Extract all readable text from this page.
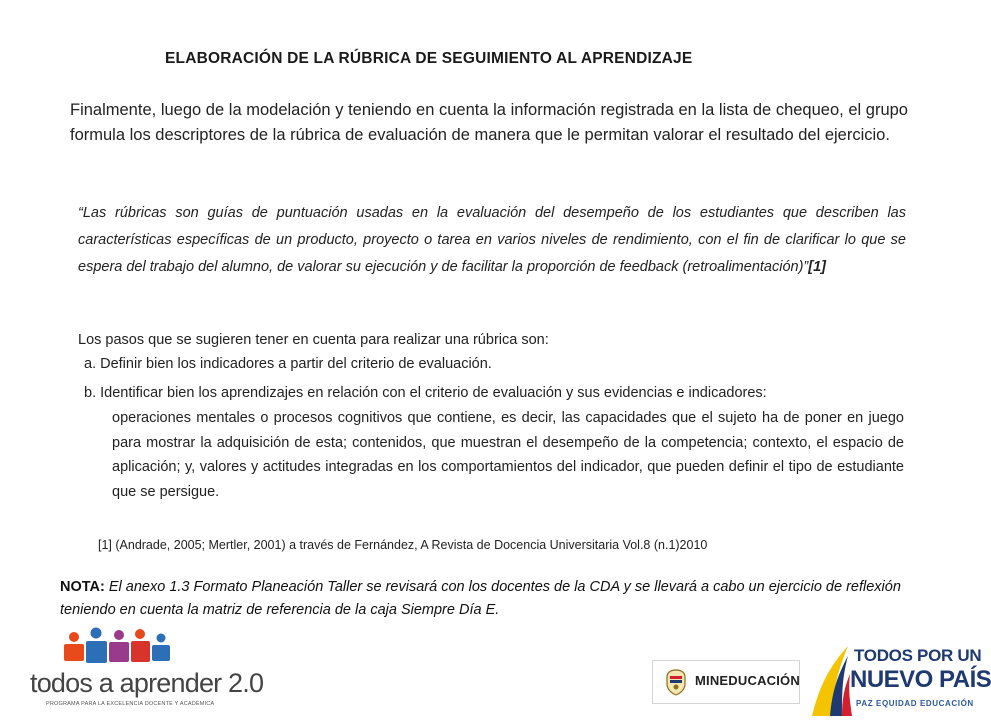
ELABORACIÓN DE LA RÚBRICA DE SEGUIMIENTO AL APRENDIZAJE
Finalmente, luego de la modelación y teniendo en cuenta la información registrada en la lista de chequeo, el grupo formula los descriptores de la rúbrica de evaluación de manera que le permitan valorar el resultado del ejercicio.
“Las rúbricas son guías de puntuación usadas en la evaluación del desempeño de los estudiantes que describen las características específicas de un producto, proyecto o tarea en varios niveles de rendimiento, con el fin de clarificar lo que se espera del trabajo del alumno, de valorar su ejecución y de facilitar la proporción de feedback (retroalimentación)”[1]
Los pasos que se sugieren tener en cuenta para realizar una rúbrica son:
a. Definir bien los indicadores a partir del criterio de evaluación.
b. Identificar bien los aprendizajes en relación con el criterio de evaluación y sus evidencias e indicadores:
operaciones mentales o procesos cognitivos que contiene, es decir, las capacidades que el sujeto ha de poner en juego para mostrar la adquisición de esta; contenidos, que muestran el desempeño de la competencia; contexto, el espacio de aplicación; y, valores y actitudes integradas en los comportamientos del indicador, que pueden definir el tipo de estudiante que se persigue.
[1] (Andrade, 2005; Mertler, 2001) a través de Fernández, A Revista de Docencia Universitaria Vol.8 (n.1)2010
NOTA: El anexo 1.3 Formato Planeación Taller se revisará con los docentes de la CDA y se llevará a cabo un ejercicio de reflexión teniendo en cuenta la matriz de referencia de la caja Siempre Día E.
todos a aprender 2.0
PROGRAMA PARA LA EXCELENCIA DOCENTE Y ACADÉMICA
MINEDUCACIÓN
TODOS POR UN
NUEVO PAÍS
PAZ EQUIDAD EDUCACIÓN
